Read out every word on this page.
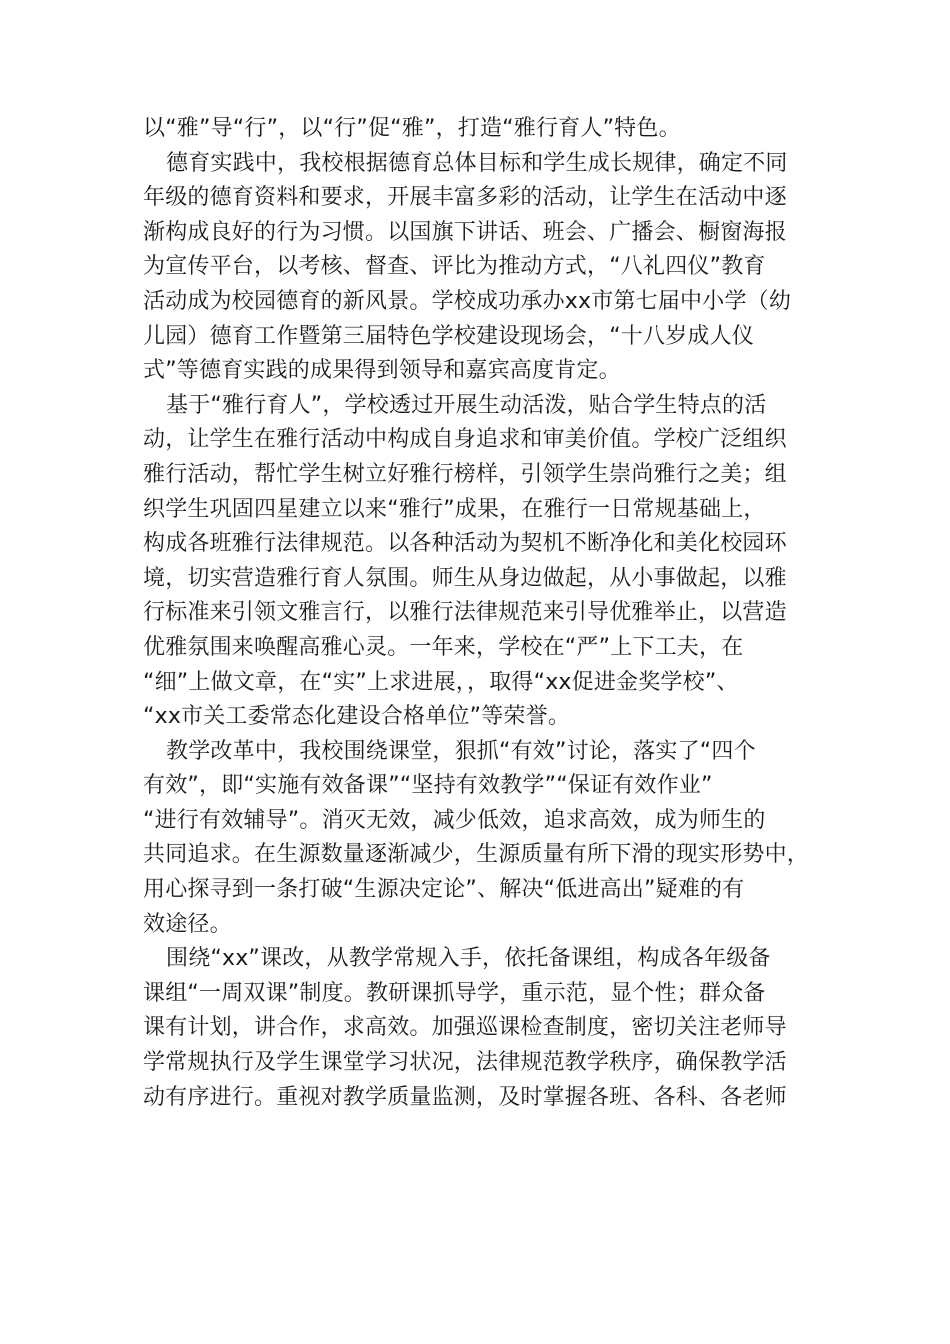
以“雅”导“行”，以“行”促“雅”，打造“雅行育人”特色。
德育实践中，我校根据德育总体目标和学生成长规律，确定不同
年级的德育资料和要求，开展丰富多彩的活动，让学生在活动中逐
渐构成良好的行为习惯。以国旗下讲话、班会、广播会、橱窗海报
为宣传平台，以考核、督查、评比为推动方式，“八礼四仪”教育
活动成为校园德育的新风景。学校成功承办xx市第七届中小学（幼
儿园）德育工作暨第三届特色学校建设现场会，“十八岁成人仪
式”等德育实践的成果得到领导和嘉宾高度肯定。
基于“雅行育人”，学校透过开展生动活泼，贴合学生特点的活
动，让学生在雅行活动中构成自身追求和审美价值。学校广泛组织
雅行活动，帮忙学生树立好雅行榜样，引领学生崇尚雅行之美；组
织学生巩固四星建立以来“雅行”成果，在雅行一日常规基础上，
构成各班雅行法律规范。以各种活动为契机不断净化和美化校园环
境，切实营造雅行育人氛围。师生从身边做起，从小事做起，以雅
行标准来引领文雅言行，以雅行法律规范来引导优雅举止，以营造
优雅氛围来唤醒高雅心灵。一年来，学校在“严”上下工夫，在
“细”上做文章，在“实”上求进展，，取得“xx促进金奖学校”、
“xx市关工委常态化建设合格单位”等荣誉。
教学改革中，我校围绕课堂，狠抓“有效”讨论，落实了“四个
有效”，即“实施有效备课”“坚持有效教学”“保证有效作业”
“进行有效辅导”。消灭无效，减少低效，追求高效，成为师生的
共同追求。在生源数量逐渐减少，生源质量有所下滑的现实形势中，
用心探寻到一条打破“生源决定论”、解决“低进高出”疑难的有
效途径。
围绕“xx”课改，从教学常规入手，依托备课组，构成各年级备
课组“一周双课”制度。教研课抓导学，重示范，显个性；群众备
课有计划，讲合作，求高效。加强巡课检查制度，密切关注老师导
学常规执行及学生课堂学习状况，法律规范教学秩序，确保教学活
动有序进行。重视对教学质量监测，及时掌握各班、各科、各老师
